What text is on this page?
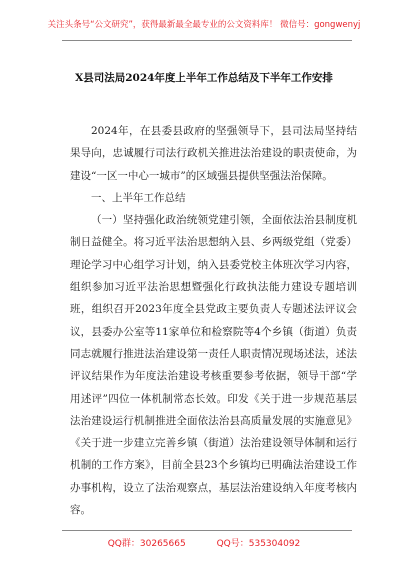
关注头条号“公文研究”，获得最新最全最专业的公文资料库！ 微信号：gongwenyj
X县司法局2024年度上半年工作总结及下半年工作安排

2024年，在县委县政府的坚强领导下，县司法局坚持结果导向，忠诚履行司法行政机关推进法治建设的职责使命，为建设“一区一中心一城市”的区域强县提供坚强法治保障。

一、上半年工作总结

（一）坚持强化政治统领党建引领，全面依法治县制度机制日益健全。将习近平法治思想纳入县、乡两级党组（党委）理论学习中心组学习计划，纳入县委党校主体班次学习内容，组织参加习近平法治思想暨强化行政执法能力建设专题培训班，组织召开2023年度全县党政主要负责人专题述法评议会议，县委办公室等11家单位和检察院等4个乡镇（街道）负责同志就履行推进法治建设第一责任人职责情况现场述法，述法评议结果作为年度法治建设考核重要参考依据，领导干部“学用述评”四位一体机制常态长效。印发《关于进一步规范基层法治建设运行机制推进全面依法治县高质量发展的实施意见》《关于进一步建立完善乡镇（街道）法治建设领导体制和运行机制的工作方案》，目前全县23个乡镇均已明确法治建设工作办事机构，设立了法治观察点，基层法治建设纳入年度考核内容。

QQ群：30265665	QQ号：535304092
